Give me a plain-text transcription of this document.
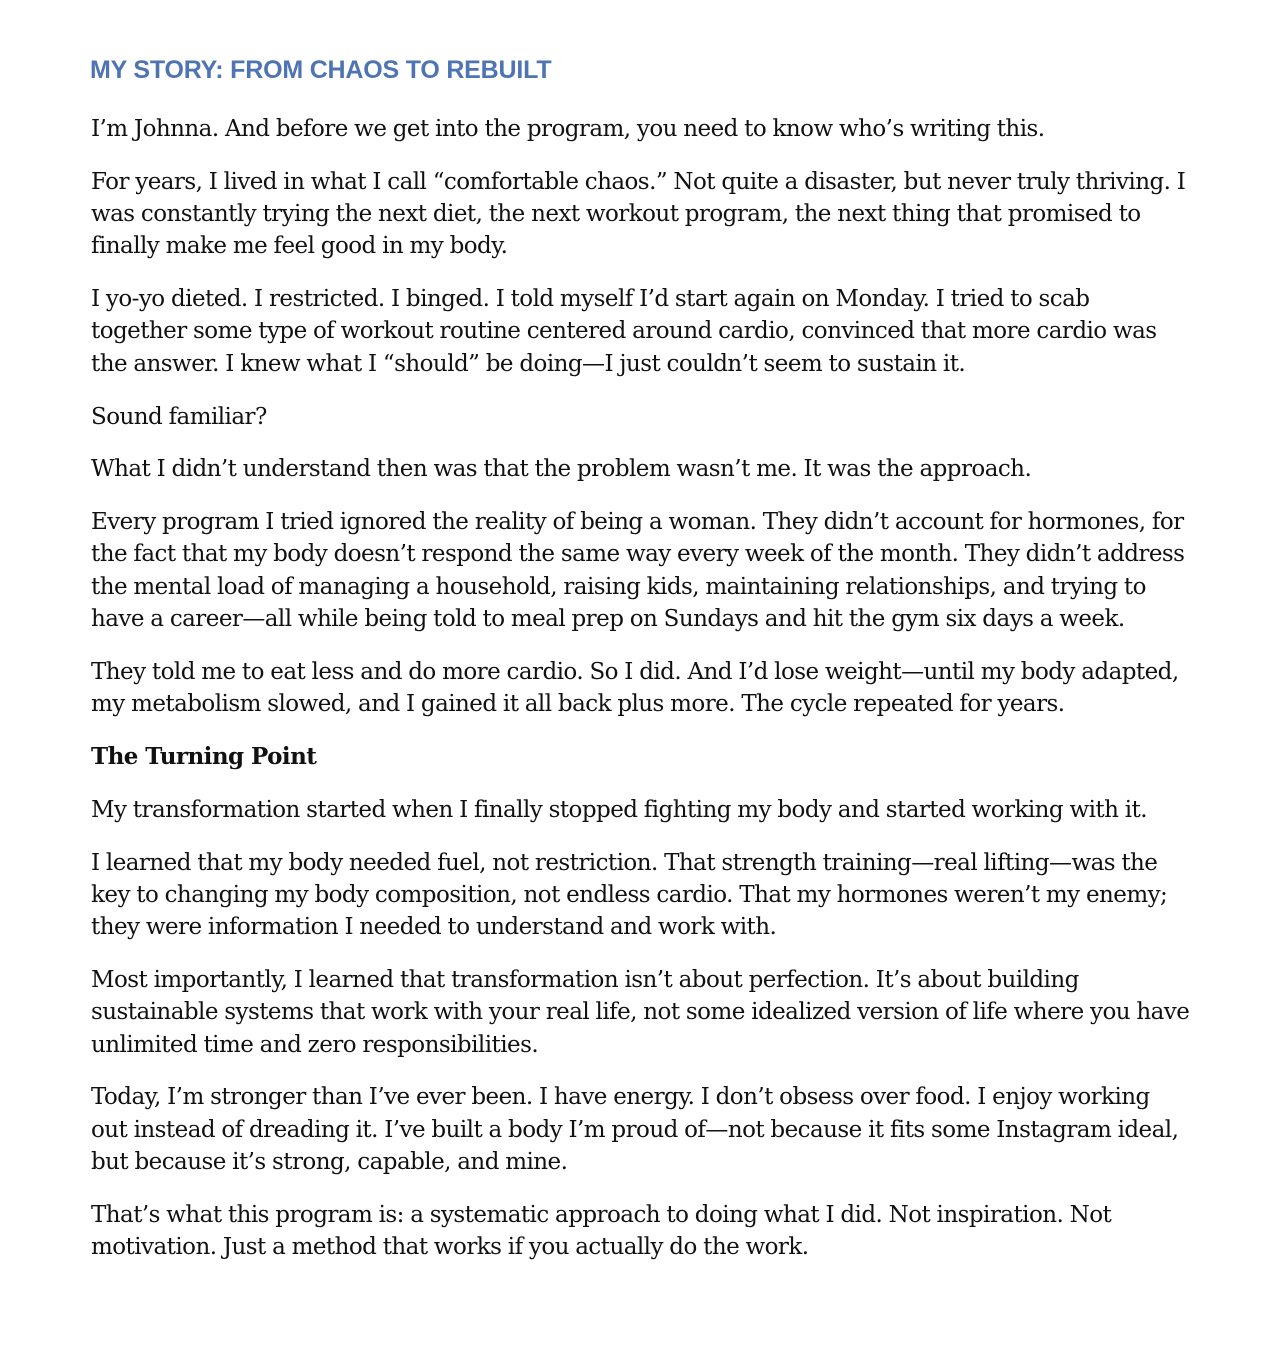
MY STORY: FROM CHAOS TO REBUILT

I’m Johnna. And before we get into the program, you need to know who’s writing this.

For years, I lived in what I call “comfortable chaos.” Not quite a disaster, but never truly thriving. I was constantly trying the next diet, the next workout program, the next thing that promised to finally make me feel good in my body.

I yo-yo dieted. I restricted. I binged. I told myself I’d start again on Monday. I tried to scab together some type of workout routine centered around cardio, convinced that more cardio was the answer. I knew what I “should” be doing—I just couldn’t seem to sustain it.

Sound familiar?

What I didn’t understand then was that the problem wasn’t me. It was the approach.

Every program I tried ignored the reality of being a woman. They didn’t account for hormones, for the fact that my body doesn’t respond the same way every week of the month. They didn’t address the mental load of managing a household, raising kids, maintaining relationships, and trying to have a career—all while being told to meal prep on Sundays and hit the gym six days a week.

They told me to eat less and do more cardio. So I did. And I’d lose weight—until my body adapted, my metabolism slowed, and I gained it all back plus more. The cycle repeated for years.

The Turning Point

My transformation started when I finally stopped fighting my body and started working with it.

I learned that my body needed fuel, not restriction. That strength training—real lifting—was the key to changing my body composition, not endless cardio. That my hormones weren’t my enemy; they were information I needed to understand and work with.

Most importantly, I learned that transformation isn’t about perfection. It’s about building sustainable systems that work with your real life, not some idealized version of life where you have unlimited time and zero responsibilities.

Today, I’m stronger than I’ve ever been. I have energy. I don’t obsess over food. I enjoy working out instead of dreading it. I’ve built a body I’m proud of—not because it fits some Instagram ideal, but because it’s strong, capable, and mine.

That’s what this program is: a systematic approach to doing what I did. Not inspiration. Not motivation. Just a method that works if you actually do the work.
